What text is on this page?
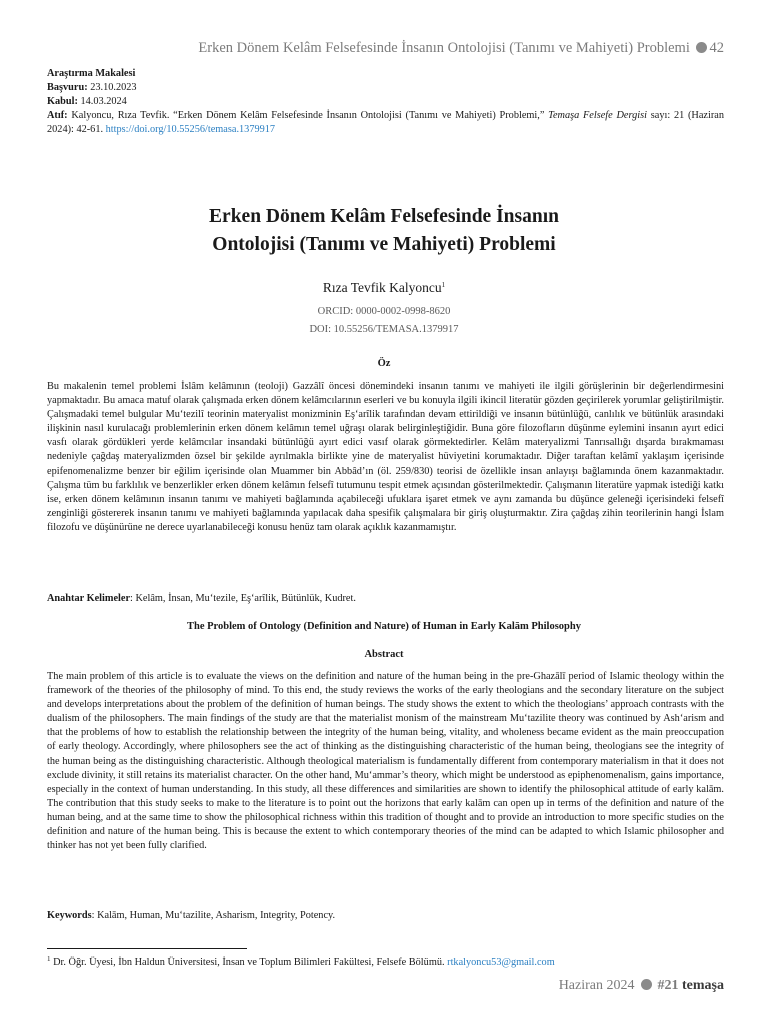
Erken Dönem Kelâm Felsefesinde İnsanın Ontolojisi (Tanımı ve Mahiyeti) Problemi 42
Araştırma Makalesi
Başvuru: 23.10.2023
Kabul: 14.03.2024
Atıf: Kalyoncu, Rıza Tevfik. “Erken Dönem Kelâm Felsefesinde İnsanın Ontolojisi (Tanımı ve Mahiyeti) Problemi,” Temaşa Felsefe Dergisi sayı: 21 (Haziran 2024): 42-61. https://doi.org/10.55256/temasa.1379917
Erken Dönem Kelâm Felsefesinde İnsanın
Ontolojisi (Tanımı ve Mahiyeti) Problemi
Rıza Tevfik Kalyoncu$^1$
ORCID: 0000-0002-0998-8620
DOI: 10.55256/TEMASA.1379917
Öz
Bu makalenin temel problemi İslâm kelâmının (teoloji) Gazzâlî öncesi dönemindeki insanın tanımı ve mahiyeti ile ilgili görüşlerinin bir değerlendirmesini yapmaktadır. Bu amaca matuf olarak çalışmada erken dönem kelâmcılarının eserleri ve bu konuyla ilgili ikincil literatür gözden geçirilerek yorumlar geliştirilmiştir. Çalışmadaki temel bulgular Mu‘tezilî teorinin materyalist monizminin Eş‘arîlik tarafından devam ettirildiği ve insanın bütünlüğü, canlılık ve bütünlük arasındaki ilişkinin nasıl kurulacağı problemlerinin erken dönem kelâmın temel uğraşı olarak belirginleştiğidir. Buna göre filozofların düşünme eylemini insanın ayırt edici vasfı olarak gördükleri yerde kelâmcılar insandaki bütünlüğü ayırt edici vasıf olarak görmektedirler. Kelâm materyalizmi Tanrısallığı dışarda bırakmaması nedeniyle çağdaş materyalizmden özsel bir şekilde ayrılmakla birlikte yine de materyalist hüviyetini korumaktadır. Diğer taraftan kelâmî yaklaşım içerisinde epifenomenalizme benzer bir eğilim içerisinde olan Muammer bin Abbâd’ın (öl. 259/830) teorisi de özellikle insan anlayışı bağlamında önem kazanmaktadır. Çalışma tüm bu farklılık ve benzerlikler erken dönem kelâmın felsefî tutumunu tespit etmek açısından gösterilmektedir. Çalışmanın literatüre yapmak istediği katkı ise, erken dönem kelâmının insanın tanımı ve mahiyeti bağlamında açabileceği ufuklara işaret etmek ve aynı zamanda bu düşünce geleneği içerisindeki felsefî zenginliği göstererek insanın tanımı ve mahiyeti bağlamında yapılacak daha spesifik çalışmalara bir giriş oluşturmaktır. Zira çağdaş zihin teorilerinin hangi İslam filozofu ve düşünürüne ne derece uyarlanabileceği konusu henüz tam olarak açıklık kazanmamıştır.
Anahtar Kelimeler: Kelâm, İnsan, Mu‘tezile, Eş‘arîlik, Bütünlük, Kudret.
The Problem of Ontology (Definition and Nature) of Human in Early Kalām Philosophy
Abstract
The main problem of this article is to evaluate the views on the definition and nature of the human being in the pre-Ghazālī period of Islamic theology within the framework of the theories of the philosophy of mind. To this end, the study reviews the works of the early theologians and the secondary literature on the subject and develops interpretations about the problem of the definition of human beings. The study shows the extent to which the theologians’ approach contrasts with the dualism of the philosophers. The main findings of the study are that the materialist monism of the mainstream Mu‘tazilite theory was continued by Ash‘arism and that the problems of how to establish the relationship between the integrity of the human being, vitality, and wholeness became evident as the main preoccupation of early theology. Accordingly, where philosophers see the act of thinking as the distinguishing characteristic of the human being, theologians see the integrity of the human being as the distinguishing characteristic. Although theological materialism is fundamentally different from contemporary materialism in that it does not exclude divinity, it still retains its materialist character. On the other hand, Mu‘ammar’s theory, which might be understood as epiphenomenalism, gains importance, especially in the context of human understanding. In this study, all these differences and similarities are shown to identify the philosophical attitude of early kalām. The contribution that this study seeks to make to the literature is to point out the horizons that early kalām can open up in terms of the definition and nature of the human being, and at the same time to show the philosophical richness within this tradition of thought and to provide an introduction to more specific studies on the definition and nature of the human being. This is because the extent to which contemporary theories of the mind can be adapted to which Islamic philosopher and thinker has not yet been fully clarified.
Keywords: Kalām, Human, Mu‘tazilite, Asharism, Integrity, Potency.
$^1$ Dr. Öğr. Üyesi, İbn Haldun Üniversitesi, İnsan ve Toplum Bilimleri Fakültesi, Felsefe Bölümü. rtkalyoncu53@gmail.com
Haziran 2024 #21 temaşa
